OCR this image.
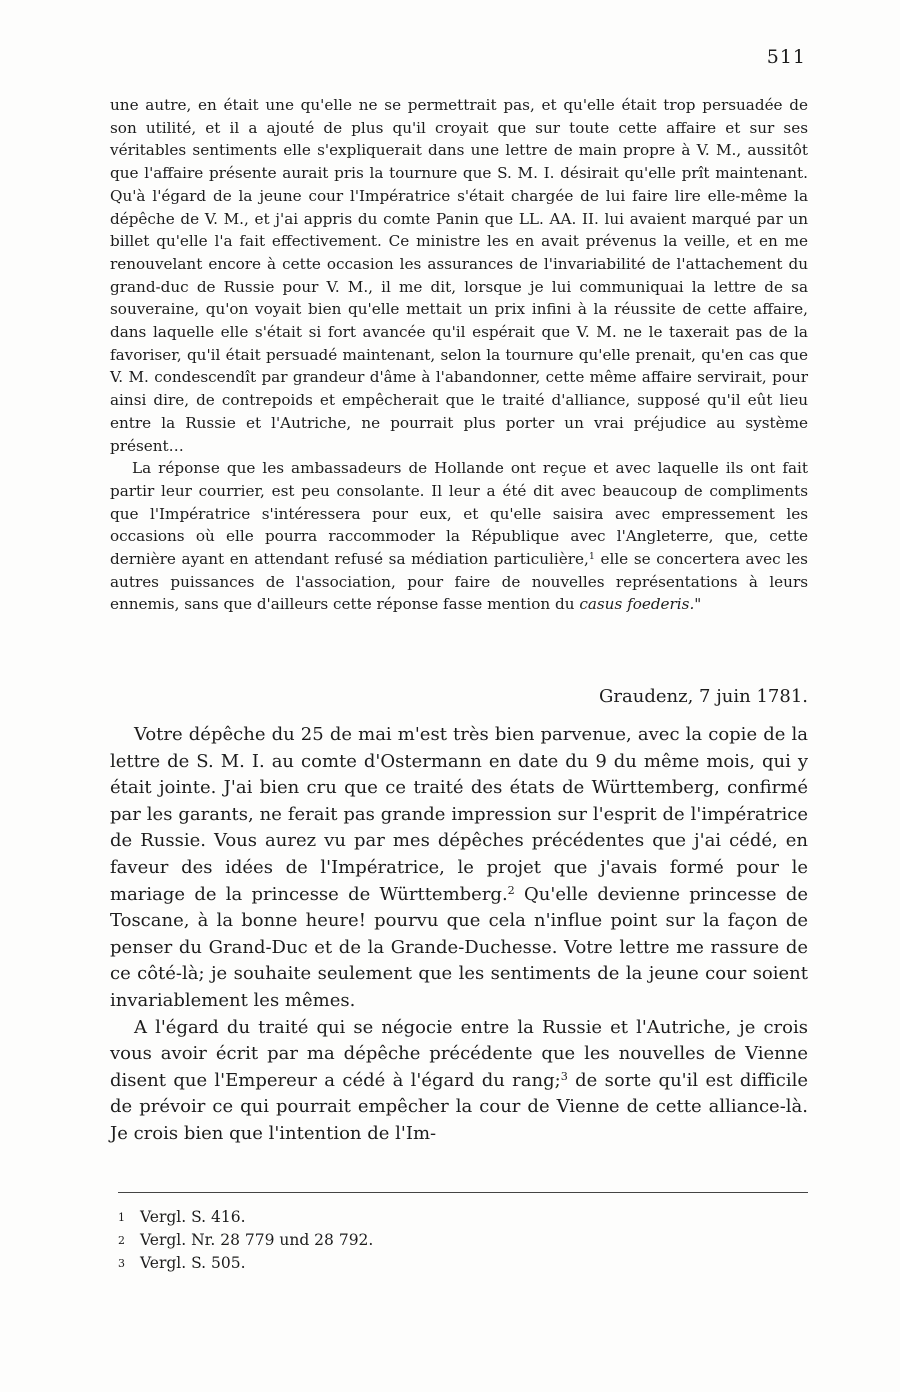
511

une autre, en était une qu'elle ne se permettrait pas, et qu'elle était trop persuadée de son utilité, et il a ajouté de plus qu'il croyait que sur toute cette affaire et sur ses véritables sentiments elle s'expliquerait dans une lettre de main propre à V. M., aussitôt que l'affaire présente aurait pris la tournure que S. M. I. désirait qu'elle prît maintenant. Qu'à l'égard de la jeune cour l'Impératrice s'était chargée de lui faire lire elle-même la dépêche de V. M., et j'ai appris du comte Panin que LL. AA. II. lui avaient marqué par un billet qu'elle l'a fait effectivement. Ce ministre les en avait prévenus la veille, et en me renouvelant encore à cette occasion les assurances de l'invariabilité de l'attachement du grand-duc de Russie pour V. M., il me dit, lorsque je lui communiquai la lettre de sa souveraine, qu'on voyait bien qu'elle mettait un prix infini à la réussite de cette affaire, dans laquelle elle s'était si fort avancée qu'il espérait que V. M. ne le taxerait pas de la favoriser, qu'il était persuadé maintenant, selon la tournure qu'elle prenait, qu'en cas que V. M. condescendît par grandeur d'âme à l'abandonner, cette même affaire servirait, pour ainsi dire, de contrepoids et empêcherait que le traité d'alliance, supposé qu'il eût lieu entre la Russie et l'Autriche, ne pourrait plus porter un vrai préjudice au système présent…

La réponse que les ambassadeurs de Hollande ont reçue et avec laquelle ils ont fait partir leur courrier, est peu consolante. Il leur a été dit avec beaucoup de compliments que l'Impératrice s'intéressera pour eux, et qu'elle saisira avec empressement les occasions où elle pourra raccommoder la République avec l'Angleterre, que, cette dernière ayant en attendant refusé sa médiation particulière,$^1$ elle se concertera avec les autres puissances de l'association, pour faire de nouvelles représentations à leurs ennemis, sans que d'ailleurs cette réponse fasse mention du casus foederis."

Graudenz, 7 juin 1781.

Votre dépêche du 25 de mai m'est très bien parvenue, avec la copie de la lettre de S. M. I. au comte d'Ostermann en date du 9 du même mois, qui y était jointe. J'ai bien cru que ce traité des états de Württemberg, confirmé par les garants, ne ferait pas grande impression sur l'esprit de l'impératrice de Russie. Vous aurez vu par mes dépêches précédentes que j'ai cédé, en faveur des idées de l'Impératrice, le projet que j'avais formé pour le mariage de la princesse de Württemberg.$^2$ Qu'elle devienne princesse de Toscane, à la bonne heure! pourvu que cela n'influe point sur la façon de penser du Grand-Duc et de la Grande-Duchesse. Votre lettre me rassure de ce côté-là; je souhaite seulement que les sentiments de la jeune cour soient invariablement les mêmes.

A l'égard du traité qui se négocie entre la Russie et l'Autriche, je crois vous avoir écrit par ma dépêche précédente que les nouvelles de Vienne disent que l'Empereur a cédé à l'égard du rang;$^3$ de sorte qu'il est difficile de prévoir ce qui pourrait empêcher la cour de Vienne de cette alliance-là. Je crois bien que l'intention de l'Im-

1 Vergl. S. 416.
2 Vergl. Nr. 28 779 und 28 792.
3 Vergl. S. 505.
